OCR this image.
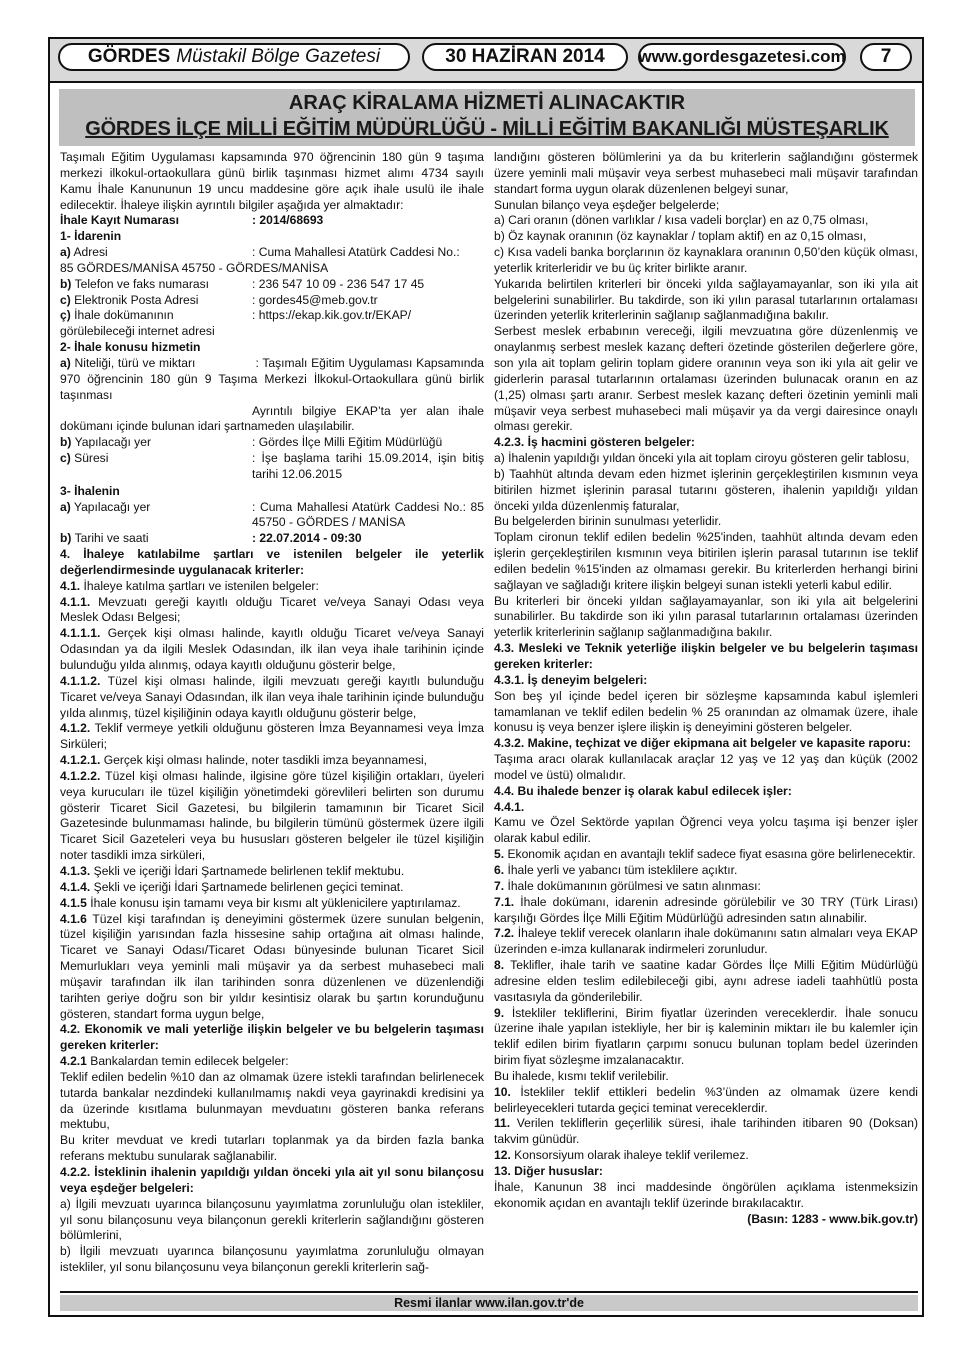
GÖRDES Müstakil Bölge Gazetesi	30 HAZİRAN 2014	www.gordesgazetesi.com	7
ARAÇ KİRALAMA HİZMETİ ALINACAKTIR
GÖRDES İLÇE MİLLİ EĞİTİM MÜDÜRLÜĞÜ - MİLLİ EĞİTİM BAKANLIĞI MÜSTEŞARLIK

Taşımalı Eğitim Uygulaması kapsamında 970 öğrencinin 180 gün 9 taşıma merkezi ilkokul-ortaokullara günü birlik taşınması hizmet alımı 4734 sayılı Kamu İhale Kanununun 19 uncu maddesine göre açık ihale usulü ile ihale edilecektir. İhaleye ilişkin ayrıntılı bilgiler aşağıda yer almaktadır:

İhale Kayıt Numarası	: 2014/68693

1- İdarenin

a) Adresi	: Cuma Mahallesi Atatürk Caddesi No.:

85 GÖRDES/MANİSA 45750 - GÖRDES/MANİSA

b) Telefon ve faks numarası	: 236 547 10 09 - 236 547 17 45
c) Elektronik Posta Adresi	: gordes45@meb.gov.tr
ç) İhale dokümanının	: https://ekap.kik.gov.tr/EKAP/

görülebileceği internet adresi

2- İhale konusu hizmetin

a) Niteliği, türü ve miktarı	: Taşımalı Eğitim Uygulaması Kapsamında 970 öğrencinin 180 gün 9 Taşıma Merkezi İlkokul-Ortaokullara günü birlik taşınması

Ayrıntılı bilgiye EKAP’ta yer alan ihale dokümanı içinde bulunan idari şartnameden ulaşılabilir.

b) Yapılacağı yer	: Gördes İlçe Milli Eğitim Müdürlüğü
c) Süresi	: İşe başlama tarihi 15.09.2014, işin bitiş tarihi 12.06.2015

3- İhalenin

a) Yapılacağı yer	: Cuma Mahallesi Atatürk Caddesi No.: 85 45750 - GÖRDES / MANİSA
b) Tarihi ve saati	: 22.07.2014 - 09:30

4. İhaleye katılabilme şartları ve istenilen belgeler ile yeterlik değerlendirmesinde uygulanacak kriterler:

4.1. İhaleye katılma şartları ve istenilen belgeler:

4.1.1. Mevzuatı gereği kayıtlı olduğu Ticaret ve/veya Sanayi Odası veya Meslek Odası Belgesi;

4.1.1.1. Gerçek kişi olması halinde, kayıtlı olduğu Ticaret ve/veya Sanayi Odasından ya da ilgili Meslek Odasından, ilk ilan veya ihale tarihinin içinde bulunduğu yılda alınmış, odaya kayıtlı olduğunu gösterir belge,

4.1.1.2. Tüzel kişi olması halinde, ilgili mevzuatı gereği kayıtlı bulunduğu Ticaret ve/veya Sanayi Odasından, ilk ilan veya ihale tarihinin içinde bulunduğu yılda alınmış, tüzel kişiliğinin odaya kayıtlı olduğunu gösterir belge,

4.1.2. Teklif vermeye yetkili olduğunu gösteren İmza Beyannamesi veya İmza Sirküleri;

4.1.2.1. Gerçek kişi olması halinde, noter tasdikli imza beyannamesi,

4.1.2.2. Tüzel kişi olması halinde, ilgisine göre tüzel kişiliğin ortakları, üyeleri veya kurucuları ile tüzel kişiliğin yönetimdeki görevlileri belirten son durumu gösterir Ticaret Sicil Gazetesi, bu bilgilerin tamamının bir Ticaret Sicil Gazetesinde bulunmaması halinde, bu bilgilerin tümünü göstermek üzere ilgili Ticaret Sicil Gazeteleri veya bu hususları gösteren belgeler ile tüzel kişiliğin noter tasdikli imza sirküleri,

4.1.3. Şekli ve içeriği İdari Şartnamede belirlenen teklif mektubu.

4.1.4. Şekli ve içeriği İdari Şartnamede belirlenen geçici teminat.

4.1.5 İhale konusu işin tamamı veya bir kısmı alt yüklenicilere yaptırılamaz.

4.1.6 Tüzel kişi tarafından iş deneyimini göstermek üzere sunulan belgenin, tüzel kişiliğin yarısından fazla hissesine sahip ortağına ait olması halinde, Ticaret ve Sanayi Odası/Ticaret Odası bünyesinde bulunan Ticaret Sicil Memurlukları veya yeminli mali müşavir ya da serbest muhasebeci mali müşavir tarafından ilk ilan tarihinden sonra düzenlenen ve düzenlendiği tarihten geriye doğru son bir yıldır kesintisiz olarak bu şartın korunduğunu gösteren, standart forma uygun belge,

4.2. Ekonomik ve mali yeterliğe ilişkin belgeler ve bu belgelerin taşıması gereken kriterler:

4.2.1 Bankalardan temin edilecek belgeler:

Teklif edilen bedelin %10 dan az olmamak üzere istekli tarafından belirlenecek tutarda bankalar nezdindeki kullanılmamış nakdi veya gayrinakdi kredisini ya da üzerinde kısıtlama bulunmayan mevduatını gösteren banka referans mektubu,

Bu kriter mevduat ve kredi tutarları toplanmak ya da birden fazla banka referans mektubu sunularak sağlanabilir.

4.2.2. İsteklinin ihalenin yapıldığı yıldan önceki yıla ait yıl sonu bilançosu veya eşdeğer belgeleri:

a) İlgili mevzuatı uyarınca bilançosunu yayımlatma zorunluluğu olan istekliler, yıl sonu bilançosunu veya bilançonun gerekli kriterlerin sağlandığını gösteren bölümlerini,

b) İlgili mevzuatı uyarınca bilançosunu yayımlatma zorunluluğu olmayan istekliler, yıl sonu bilançosunu veya bilançonun gerekli kriterlerin sağ-

landığını gösteren bölümlerini ya da bu kriterlerin sağlandığını göstermek üzere yeminli mali müşavir veya serbest muhasebeci mali müşavir tarafından standart forma uygun olarak düzenlenen belgeyi sunar,

Sunulan bilanço veya eşdeğer belgelerde;

a) Cari oranın (dönen varlıklar / kısa vadeli borçlar) en az 0,75 olması,

b) Öz kaynak oranının (öz kaynaklar / toplam aktif) en az 0,15 olması,

c) Kısa vadeli banka borçlarının öz kaynaklara oranının 0,50’den küçük olması, yeterlik kriterleridir ve bu üç kriter birlikte aranır.

Yukarıda belirtilen kriterleri bir önceki yılda sağlayamayanlar, son iki yıla ait belgelerini sunabilirler. Bu takdirde, son iki yılın parasal tutarlarının ortalaması üzerinden yeterlik kriterlerinin sağlanıp sağlanmadığına bakılır.

Serbest meslek erbabının vereceği, ilgili mevzuatına göre düzenlenmiş ve onaylanmış serbest meslek kazanç defteri özetinde gösterilen değerlere göre, son yıla ait toplam gelirin toplam gidere oranının veya son iki yıla ait gelir ve giderlerin parasal tutarlarının ortalaması üzerinden bulunacak oranın en az (1,25) olması şartı aranır. Serbest meslek kazanç defteri özetinin yeminli mali müşavir veya serbest muhasebeci mali müşavir ya da vergi dairesince onaylı olması gerekir.

4.2.3. İş hacmini gösteren belgeler:

a) İhalenin yapıldığı yıldan önceki yıla ait toplam ciroyu gösteren gelir tablosu,

b) Taahhüt altında devam eden hizmet işlerinin gerçekleştirilen kısmının veya bitirilen hizmet işlerinin parasal tutarını gösteren, ihalenin yapıldığı yıldan önceki yılda düzenlenmiş faturalar,

Bu belgelerden birinin sunulması yeterlidir.

Toplam cironun teklif edilen bedelin %25'inden, taahhüt altında devam eden işlerin gerçekleştirilen kısmının veya bitirilen işlerin parasal tutarının ise teklif edilen bedelin %15'inden az olmaması gerekir. Bu kriterlerden herhangi birini sağlayan ve sağladığı kritere ilişkin belgeyi sunan istekli yeterli kabul edilir.

Bu kriterleri bir önceki yıldan sağlayamayanlar, son iki yıla ait belgelerini sunabilirler. Bu takdirde son iki yılın parasal tutarlarının ortalaması üzerinden yeterlik kriterlerinin sağlanıp sağlanmadığına bakılır.

4.3. Mesleki ve Teknik yeterliğe ilişkin belgeler ve bu belgelerin taşıması gereken kriterler:

4.3.1. İş deneyim belgeleri:

Son beş yıl içinde bedel içeren bir sözleşme kapsamında kabul işlemleri tamamlanan ve teklif edilen bedelin % 25 oranından az olmamak üzere, ihale konusu iş veya benzer işlere ilişkin iş deneyimini gösteren belgeler.

4.3.2. Makine, teçhizat ve diğer ekipmana ait belgeler ve kapasite raporu:

Taşıma aracı olarak kullanılacak araçlar 12 yaş ve 12 yaş dan küçük (2002 model ve üstü) olmalıdır.

4.4. Bu ihalede benzer iş olarak kabul edilecek işler:

4.4.1.

Kamu ve Özel Sektörde yapılan Öğrenci veya yolcu taşıma işi benzer işler olarak kabul edilir.

5. Ekonomik açıdan en avantajlı teklif sadece fiyat esasına göre belirlenecektir.

6. İhale yerli ve yabancı tüm isteklilere açıktır.

7. İhale dokümanının görülmesi ve satın alınması:

7.1. İhale dokümanı, idarenin adresinde görülebilir ve 30 TRY (Türk Lirası) karşılığı Gördes İlçe Milli Eğitim Müdürlüğü adresinden satın alınabilir.

7.2. İhaleye teklif verecek olanların ihale dokümanını satın almaları veya EKAP üzerinden e-imza kullanarak indirmeleri zorunludur.

8. Teklifler, ihale tarih ve saatine kadar Gördes İlçe Milli Eğitim Müdürlüğü adresine elden teslim edilebileceği gibi, aynı adrese iadeli taahhütlü posta vasıtasıyla da gönderilebilir.

9. İstekliler tekliflerini, Birim fiyatlar üzerinden vereceklerdir. İhale sonucu üzerine ihale yapılan istekliyle, her bir iş kaleminin miktarı ile bu kalemler için teklif edilen birim fiyatların çarpımı sonucu bulunan toplam bedel üzerinden birim fiyat sözleşme imzalanacaktır.

Bu ihalede, kısmı teklif verilebilir.

10. İstekliler teklif ettikleri bedelin %3’ünden az olmamak üzere kendi belirleyecekleri tutarda geçici teminat vereceklerdir.

11. Verilen tekliflerin geçerlilik süresi, ihale tarihinden itibaren 90 (Doksan) takvim günüdür.

12. Konsorsiyum olarak ihaleye teklif verilemez.

13. Diğer hususlar:

İhale, Kanunun 38 inci maddesinde öngörülen açıklama istenmeksizin ekonomik açıdan en avantajlı teklif üzerinde bırakılacaktır.

(Basın: 1283 - www.bik.gov.tr)

Resmi ilanlar www.ilan.gov.tr'de
